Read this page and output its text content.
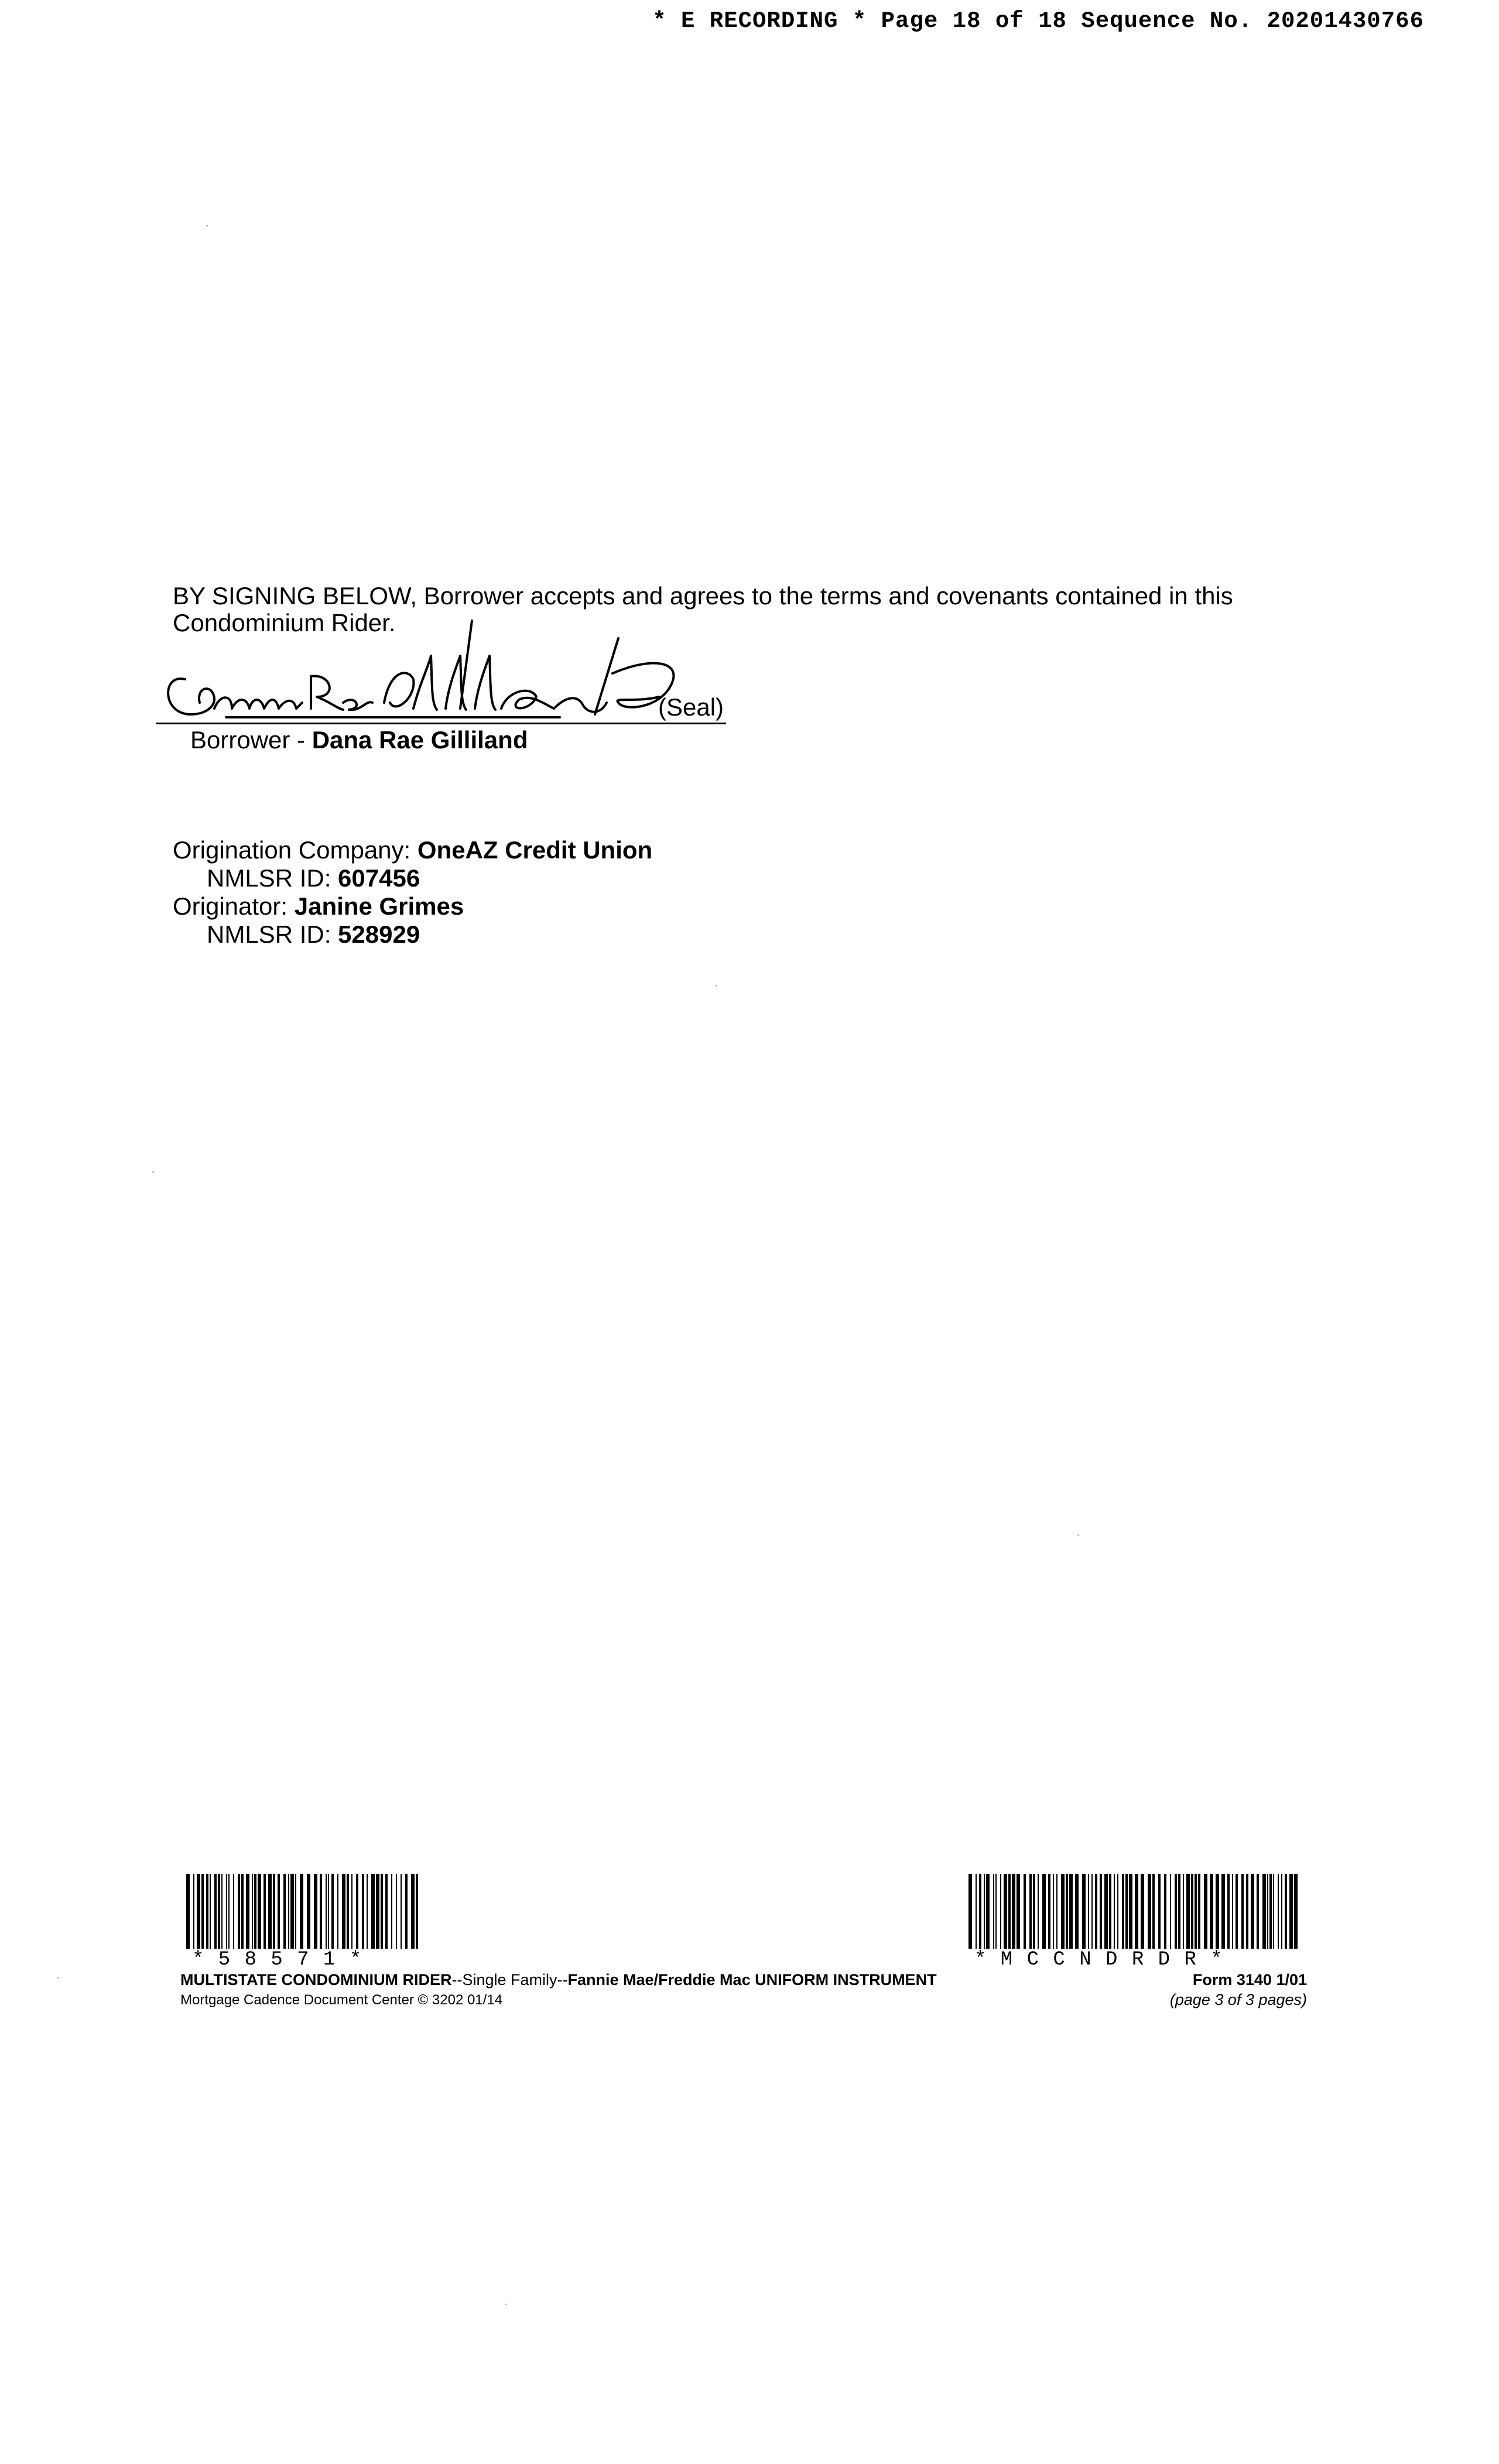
* E RECORDING * Page 18 of 18 Sequence No. 20201430766
BY SIGNING BELOW, Borrower accepts and agrees to the terms and covenants contained in this
Condominium Rider.
(Seal)
Borrower - Dana Rae Gilliland
Origination Company: OneAZ Credit Union
NMLSR ID: 607456
Originator: Janine Grimes
NMLSR ID: 528929
* 5 8 5 7 1 *	* M C C N D R D R *
MULTISTATE CONDOMINIUM RIDER--Single Family--Fannie Mae/Freddie Mac UNIFORM INSTRUMENT	Form 3140 1/01
Mortgage Cadence Document Center © 3202 01/14	(page 3 of 3 pages)
